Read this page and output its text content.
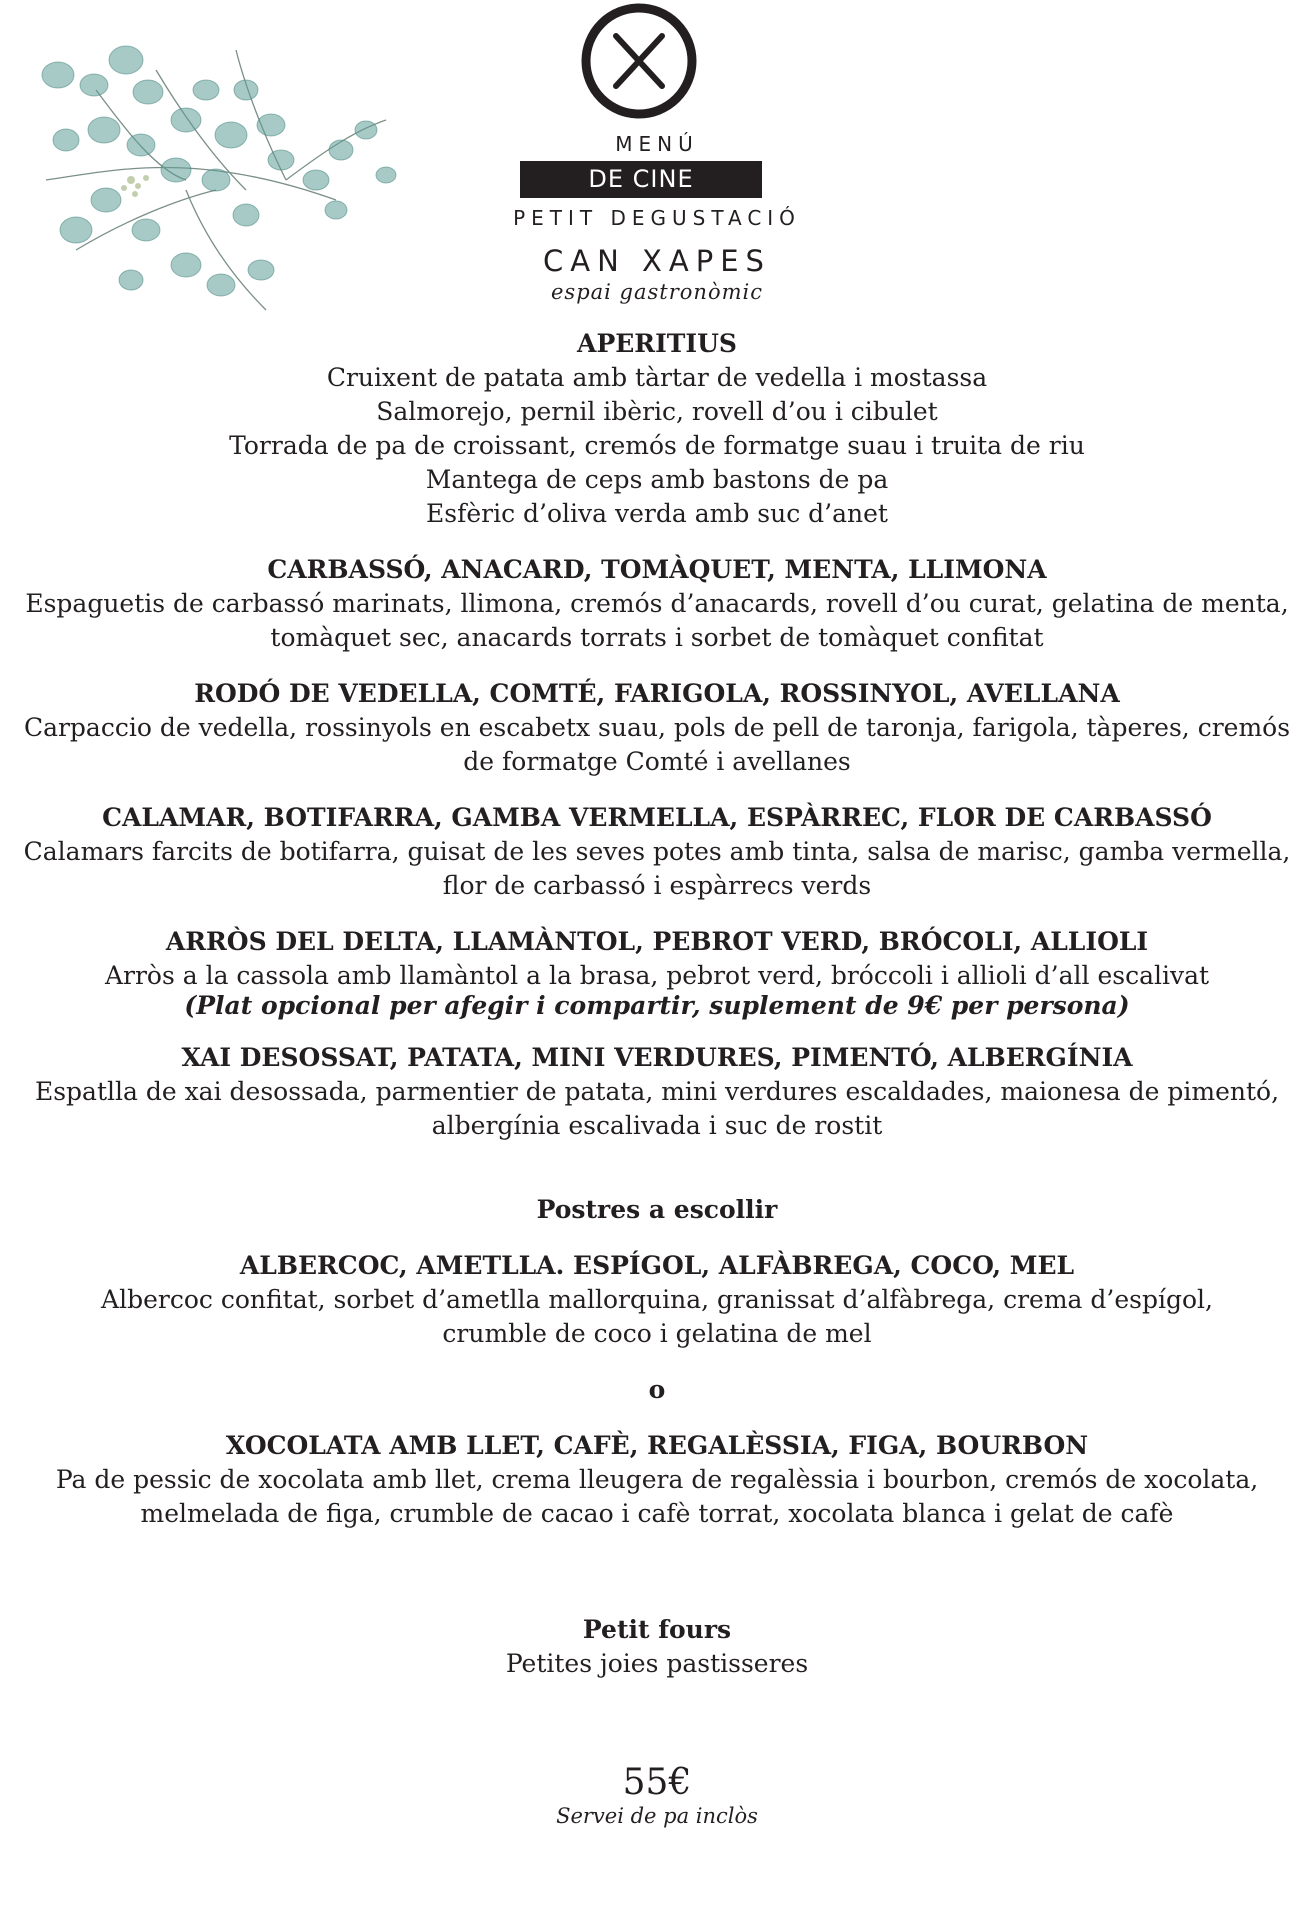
MENÚ
DE CINE
PETIT DEGUSTACIÓ
CAN XAPES
espai gastronòmic
APERITIUS
Cruixent de patata amb tàrtar de vedella i mostassa
Salmorejo, pernil ibèric, rovell d’ou i cibulet
Torrada de pa de croissant, cremós de formatge suau i truita de riu
Mantega de ceps amb bastons de pa
Esfèric d’oliva verda amb suc d’anet
CARBASSÓ, ANACARD, TOMÀQUET, MENTA, LLIMONA
Espaguetis de carbassó marinats, llimona, cremós d’anacards, rovell d’ou curat, gelatina de menta,
tomàquet sec, anacards torrats i sorbet de tomàquet confitat
RODÓ DE VEDELLA, COMTÉ, FARIGOLA, ROSSINYOL, AVELLANA
Carpaccio de vedella, rossinyols en escabetx suau, pols de pell de taronja, farigola, tàperes, cremós
de formatge Comté i avellanes
CALAMAR, BOTIFARRA, GAMBA VERMELLA, ESPÀRREC, FLOR DE CARBASSÓ
Calamars farcits de botifarra, guisat de les seves potes amb tinta, salsa de marisc, gamba vermella,
flor de carbassó i espàrrecs verds
ARRÒS DEL DELTA, LLAMÀNTOL, PEBROT VERD, BRÓCOLI, ALLIOLI
Arròs a la cassola amb llamàntol a la brasa, pebrot verd, bróccoli i allioli d’all escalivat
(Plat opcional per afegir i compartir, suplement de 9€ per persona)
XAI DESOSSAT, PATATA, MINI VERDURES, PIMENTÓ, ALBERGÍNIA
Espatlla de xai desossada, parmentier de patata, mini verdures escaldades, maionesa de pimentó,
albergínia escalivada i suc de rostit
Postres a escollir
ALBERCOC, AMETLLA. ESPÍGOL, ALFÀBREGA, COCO, MEL
Albercoc confitat, sorbet d’ametlla mallorquina, granissat d’alfàbrega, crema d’espígol,
crumble de coco i gelatina de mel
o
XOCOLATA AMB LLET, CAFÈ, REGALÈSSIA, FIGA, BOURBON
Pa de pessic de xocolata amb llet, crema lleugera de regalèssia i bourbon, cremós de xocolata,
melmelada de figa, crumble de cacao i cafè torrat, xocolata blanca i gelat de cafè
Petit fours
Petites joies pastisseres
55€
Servei de pa inclòs
